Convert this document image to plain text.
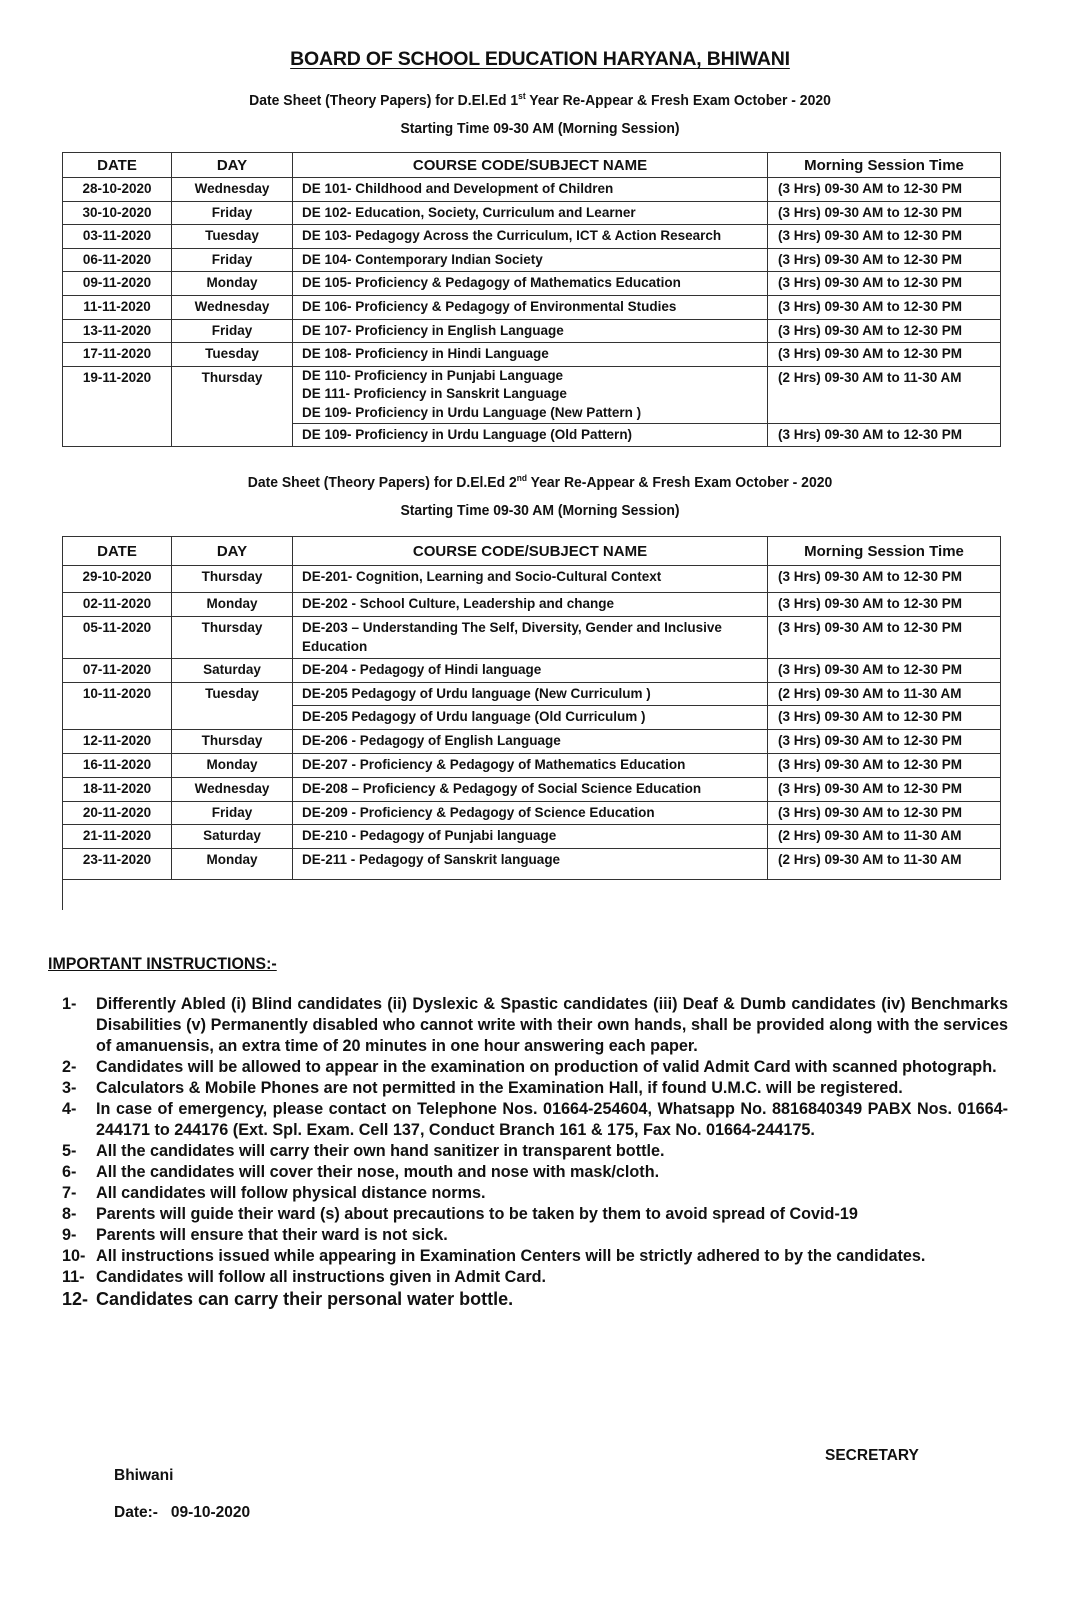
BOARD OF SCHOOL EDUCATION HARYANA, BHIWANI
Date Sheet (Theory Papers) for D.El.Ed 1st Year Re-Appear & Fresh Exam October - 2020
Starting Time 09-30 AM (Morning Session)
DATE	DAY	COURSE CODE/SUBJECT NAME	Morning Session Time
28-10-2020	Wednesday	DE 101- Childhood and Development of Children	(3 Hrs) 09-30 AM to 12-30 PM
30-10-2020	Friday	DE 102- Education, Society, Curriculum and Learner	(3 Hrs) 09-30 AM to 12-30 PM
03-11-2020	Tuesday	DE 103- Pedagogy Across the Curriculum, ICT & Action Research	(3 Hrs) 09-30 AM to 12-30 PM
06-11-2020	Friday	DE 104- Contemporary Indian Society	(3 Hrs) 09-30 AM to 12-30 PM
09-11-2020	Monday	DE 105- Proficiency & Pedagogy of Mathematics Education	(3 Hrs) 09-30 AM to 12-30 PM
11-11-2020	Wednesday	DE 106- Proficiency & Pedagogy of Environmental Studies	(3 Hrs) 09-30 AM to 12-30 PM
13-11-2020	Friday	DE 107- Proficiency in English Language	(3 Hrs) 09-30 AM to 12-30 PM
17-11-2020	Tuesday	DE 108- Proficiency in Hindi Language	(3 Hrs) 09-30 AM to 12-30 PM
19-11-2020	Thursday	DE 110- Proficiency in Punjabi Language
DE 111- Proficiency in Sanskrit Language
DE 109- Proficiency in Urdu Language (New Pattern )	(2 Hrs) 09-30 AM to 11-30 AM
		DE 109- Proficiency in Urdu Language (Old Pattern)	(3 Hrs) 09-30 AM to 12-30 PM
Date Sheet (Theory Papers) for D.El.Ed 2nd Year Re-Appear & Fresh Exam October - 2020
Starting Time 09-30 AM (Morning Session)
DATE	DAY	COURSE CODE/SUBJECT NAME	Morning Session Time
29-10-2020	Thursday	DE-201- Cognition, Learning and Socio-Cultural Context	(3 Hrs) 09-30 AM to 12-30 PM
02-11-2020	Monday	DE-202 - School Culture, Leadership and change	(3 Hrs) 09-30 AM to 12-30 PM
05-11-2020	Thursday	DE-203 – Understanding The Self, Diversity, Gender and Inclusive Education	(3 Hrs) 09-30 AM to 12-30 PM
07-11-2020	Saturday	DE-204 - Pedagogy of Hindi language	(3 Hrs) 09-30 AM to 12-30 PM
10-11-2020	Tuesday	DE-205 Pedagogy of Urdu language (New Curriculum )	(2 Hrs) 09-30 AM to 11-30 AM
		DE-205 Pedagogy of Urdu language (Old Curriculum )	(3 Hrs) 09-30 AM to 12-30 PM
12-11-2020	Thursday	DE-206 - Pedagogy of English Language	(3 Hrs) 09-30 AM to 12-30 PM
16-11-2020	Monday	DE-207 - Proficiency & Pedagogy of Mathematics Education	(3 Hrs) 09-30 AM to 12-30 PM
18-11-2020	Wednesday	DE-208 – Proficiency & Pedagogy of Social Science Education	(3 Hrs) 09-30 AM to 12-30 PM
20-11-2020	Friday	DE-209 - Proficiency & Pedagogy of Science Education	(3 Hrs) 09-30 AM to 12-30 PM
21-11-2020	Saturday	DE-210 - Pedagogy of Punjabi language	(2 Hrs) 09-30 AM to 11-30 AM
23-11-2020	Monday	DE-211 - Pedagogy of Sanskrit language	(2 Hrs) 09-30 AM to 11-30 AM
IMPORTANT INSTRUCTIONS:-
1-	Differently Abled (i) Blind candidates (ii) Dyslexic & Spastic candidates (iii) Deaf & Dumb candidates (iv) Benchmarks Disabilities (v) Permanently disabled who cannot write with their own hands, shall be provided along with the services of amanuensis, an extra time of 20 minutes in one hour answering each paper.
2-	Candidates will be allowed to appear in the examination on production of valid Admit Card with scanned photograph.
3-	Calculators & Mobile Phones are not permitted in the Examination Hall, if found U.M.C. will be registered.
4-	In case of emergency, please contact on Telephone Nos. 01664-254604, Whatsapp No. 8816840349 PABX Nos. 01664-244171 to 244176 (Ext. Spl. Exam. Cell 137, Conduct Branch 161 & 175, Fax No. 01664-244175.
5-	All the candidates will carry their own hand sanitizer in transparent bottle.
6-	All the candidates will cover their nose, mouth and nose with mask/cloth.
7-	All candidates will follow physical distance norms.
8-	Parents will guide their ward (s) about precautions to be taken by them to avoid spread of Covid-19
9-	Parents will ensure that their ward is not sick.
10- All instructions issued while appearing in Examination Centers will be strictly adhered to by the candidates.
11- Candidates will follow all instructions given in Admit Card.
12- Candidates can carry their personal water bottle.
SECRETARY
Bhiwani
Date:- 09-10-2020
